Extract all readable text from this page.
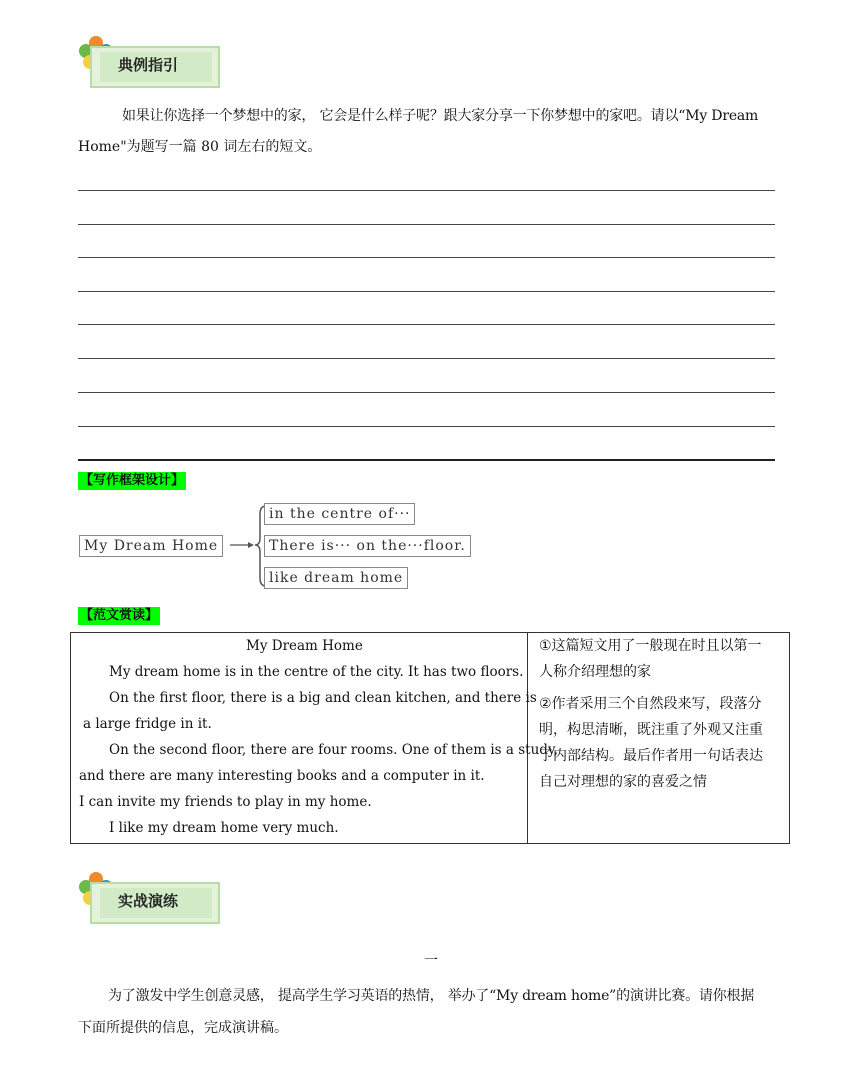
典例指引
如果让你选择一个梦想中的家， 它会是什么样子呢？跟大家分享一下你梦想中的家吧。请以“My Dream
Home"为题写一篇 80 词左右的短文。
【写作框架设计】
My Dream Home
in the centre of···
There is··· on the···floor.
like dream home
【范文赏读】
My Dream Home
My dream home is in the centre of the city. It has two floors.
On the first floor, there is a big and clean kitchen, and there is
a large fridge in it.
On the second floor, there are four rooms. One of them is a study,
and there are many interesting books and a computer in it.
I can invite my friends to play in my home.
I like my dream home very much.
①这篇短文用了一般现在时且以第一
人称介绍理想的家
②作者采用三个自然段来写，段落分
明，构思清晰，既注重了外观又注重
了内部结构。最后作者用一句话表达
自己对理想的家的喜爱之情
实战演练
一
为了激发中学生创意灵感， 提高学生学习英语的热情， 举办了“My dream home”的演讲比赛。请你根据
下面所提供的信息，完成演讲稿。
